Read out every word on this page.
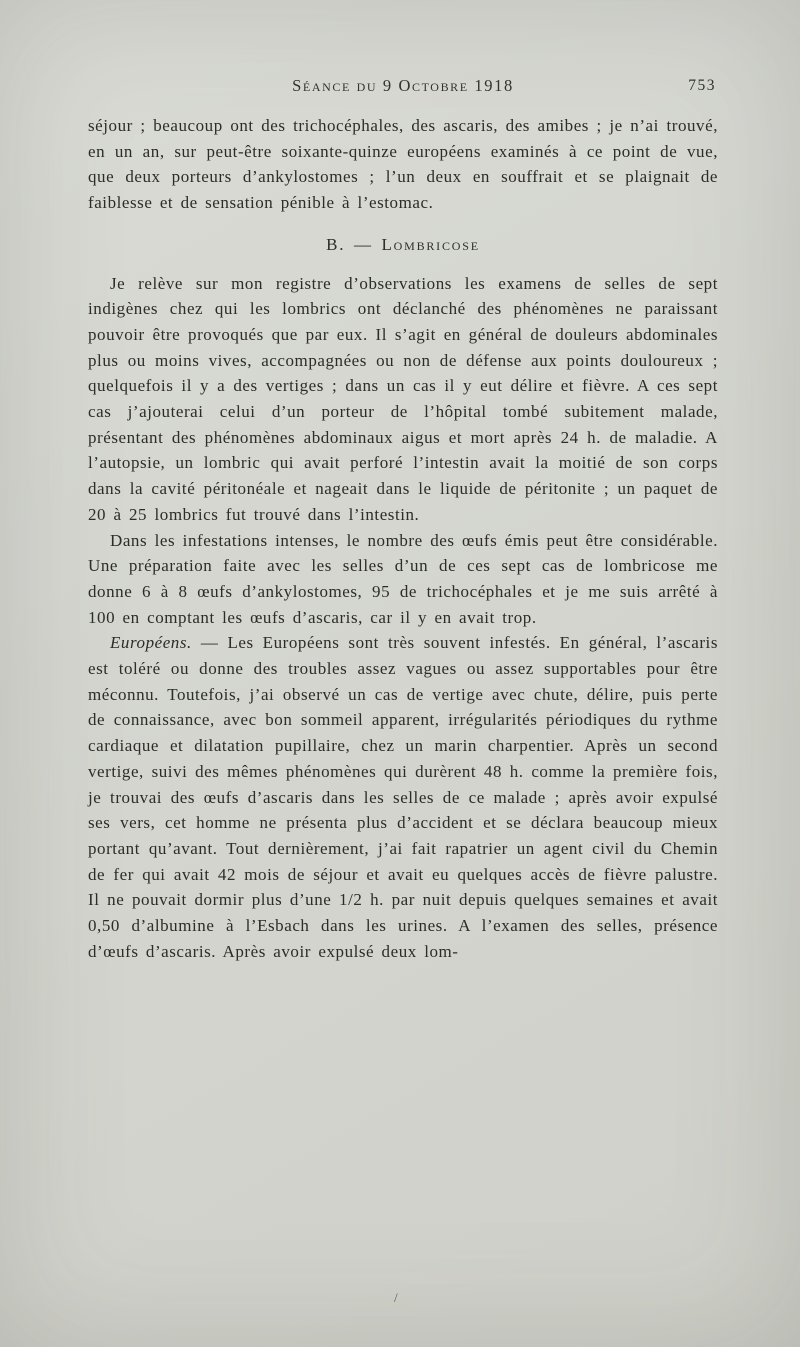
Séance du 9 Octobre 1918	753

séjour ; beaucoup ont des trichocéphales, des ascaris, des amibes ; je n’ai trouvé, en un an, sur peut-être soixante-quinze européens examinés à ce point de vue, que deux porteurs d’ankylostomes ; l’un deux en souffrait et se plaignait de faiblesse et de sensation pénible à l’estomac.

B. — Lombricose

Je relève sur mon registre d’observations les examens de selles de sept indigènes chez qui les lombrics ont déclanché des phénomènes ne paraissant pouvoir être provoqués que par eux. Il s’agit en général de douleurs abdominales plus ou moins vives, accompagnées ou non de défense aux points douloureux ; quelquefois il y a des vertiges ; dans un cas il y eut délire et fièvre. A ces sept cas j’ajouterai celui d’un porteur de l’hôpital tombé subitement malade, présentant des phénomènes abdominaux aigus et mort après 24 h. de maladie. A l’autopsie, un lombric qui avait perforé l’intestin avait la moitié de son corps dans la cavité péritonéale et nageait dans le liquide de péritonite ; un paquet de 20 à 25 lombrics fut trouvé dans l’intestin.

Dans les infestations intenses, le nombre des œufs émis peut être considérable. Une préparation faite avec les selles d’un de ces sept cas de lombricose me donne 6 à 8 œufs d’ankylostomes, 95 de trichocéphales et je me suis arrêté à 100 en comptant les œufs d’ascaris, car il y en avait trop.

Européens. — Les Européens sont très souvent infestés. En général, l’ascaris est toléré ou donne des troubles assez vagues ou assez supportables pour être méconnu. Toutefois, j’ai observé un cas de vertige avec chute, délire, puis perte de connaissance, avec bon sommeil apparent, irrégularités périodiques du rythme cardiaque et dilatation pupillaire, chez un marin charpentier. Après un second vertige, suivi des mêmes phénomènes qui durèrent 48 h. comme la première fois, je trouvai des œufs d’ascaris dans les selles de ce malade ; après avoir expulsé ses vers, cet homme ne présenta plus d’accident et se déclara beaucoup mieux portant qu’avant. Tout dernièrement, j’ai fait rapatrier un agent civil du Chemin de fer qui avait 42 mois de séjour et avait eu quelques accès de fièvre palustre. Il ne pouvait dormir plus d’une 1/2 h. par nuit depuis quelques semaines et avait 0,50 d’albumine à l’Esbach dans les urines. A l’examen des selles, présence d’œufs d’ascaris. Après avoir expulsé deux lom-

/
